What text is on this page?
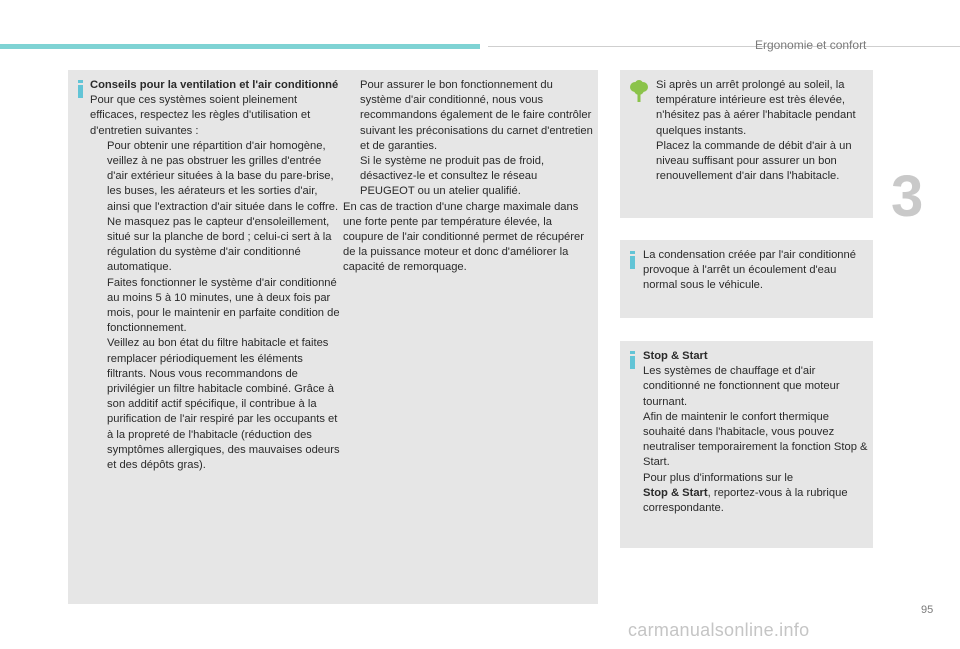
Ergonomie et confort
3

Conseils pour la ventilation et l'air conditionné

Pour que ces systèmes soient pleinement efficaces, respectez les règles d'utilisation et d'entretien suivantes :

Pour obtenir une répartition d'air homogène, veillez à ne pas obstruer les grilles d'entrée d'air extérieur situées à la base du pare-brise, les buses, les aérateurs et les sorties d'air, ainsi que l'extraction d'air située dans le coffre.

Ne masquez pas le capteur d'ensoleillement, situé sur la planche de bord ; celui-ci sert à la régulation du système d'air conditionné automatique.

Faites fonctionner le système d'air conditionné au moins 5 à 10 minutes, une à deux fois par mois, pour le maintenir en parfaite condition de fonctionnement.

Veillez au bon état du filtre habitacle et faites remplacer périodiquement les éléments filtrants. Nous vous recommandons de privilégier un filtre habitacle combiné. Grâce à son additif actif spécifique, il contribue à la purification de l'air respiré par les occupants et à la propreté de l'habitacle (réduction des symptômes allergiques, des mauvaises odeurs et des dépôts gras).

Pour assurer le bon fonctionnement du système d'air conditionné, nous vous recommandons également de le faire contrôler suivant les préconisations du carnet d'entretien et de garanties.

Si le système ne produit pas de froid, désactivez-le et consultez le réseau PEUGEOT ou un atelier qualifié.

En cas de traction d'une charge maximale dans une forte pente par température élevée, la coupure de l'air conditionné permet de récupérer de la puissance moteur et donc d'améliorer la capacité de remorquage.

Si après un arrêt prolongé au soleil, la température intérieure est très élevée, n'hésitez pas à aérer l'habitacle pendant quelques instants.

Placez la commande de débit d'air à un niveau suffisant pour assurer un bon renouvellement d'air dans l'habitacle.

La condensation créée par l'air conditionné provoque à l'arrêt un écoulement d'eau normal sous le véhicule.

Stop & Start

Les systèmes de chauffage et d'air conditionné ne fonctionnent que moteur tournant.

Afin de maintenir le confort thermique souhaité dans l'habitacle, vous pouvez neutraliser temporairement la fonction Stop & Start.

Pour plus d'informations sur le
Stop & Start, reportez-vous à la rubrique correspondante.

95
carmanualsonline.info
